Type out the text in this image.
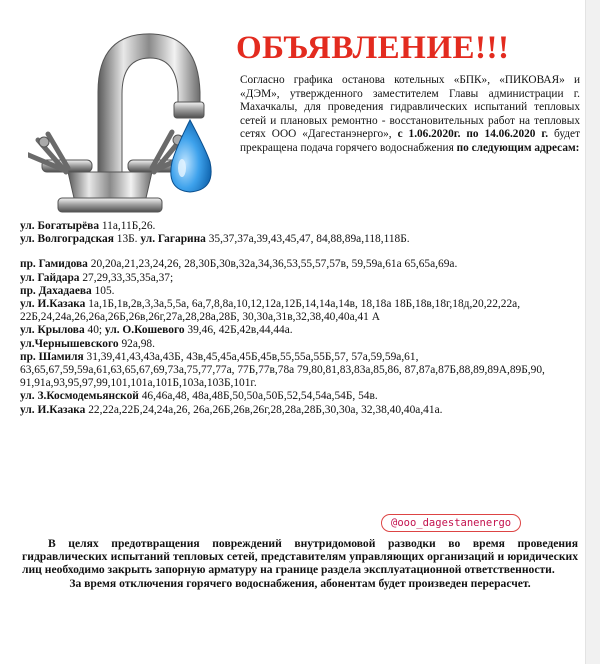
ОБЪЯВЛЕНИЕ!!!

Согласно графика останова котельных «БПК», «ПИКОВАЯ» и «ДЭМ», утвержденного заместителем Главы администрации г. Махачкалы, для проведения гидравлических испытаний тепловых сетей и плановых ремонтно - восстановительных работ на тепловых сетях ООО «Дагестанэнерго», с 1.06.2020г. по 14.06.2020 г. будет прекращена подача горячего водоснабжения по следующим адресам:

ул. Богатырёва 11а,11Б,26.

ул. Волгоградская 13Б. ул. Гагарина 35,37,37а,39,43,45,47, 84,88,89а,118,118Б.

пр. Гамидова 20,20а,21,23,24,26, 28,30Б,30в,32а,34,36,53,55,57,57в, 59,59а,61а 65,65а,69а.

ул. Гайдара 27,29,33,35,35а,37;

пр. Дахадаева 105.

ул. И.Казака 1а,1Б,1в,2в,3,3а,5,5а, 6а,7,8,8а,10,12,12а,12Б,14,14а,14в, 18,18а 18Б,18в,18г,18д,20,22,22а, 22Б,24,24а,26,26а,26Б,26в,26г,27а,28,28а,28Б, 30,30а,31в,32,38,40,40а,41 А

ул. Крылова 40; ул. О.Кошевого 39,46, 42Б,42в,44,44а.

ул.Чернышевского 92а,98.

пр. Шамиля 31,39,41,43,43а,43Б, 43в,45,45а,45Б,45в,55,55а,55Б,57, 57а,59,59а,61, 63,65,67,59,59а,61,63,65,67,69,73а,75,77,77а, 77Б,77в,78а 79,80,81,83,83а,85,86, 87,87а,87Б,88,89,89А,89Б,90, 91,91а,93,95,97,99,101,101а,101Б,103а,103Б,101г.

ул. З.Космодемьянской 46,46а,48, 48а,48Б,50,50а,50Б,52,54,54а,54Б, 54в.

ул. И.Казака 22,22а,22Б,24,24а,26, 26а,26Б,26в,26г,28,28а,28Б,30,30а, 32,38,40,40а,41а.

@ooo_dagestanenergo

В целях предотвращения повреждений внутридомовой разводки во время проведения гидравлических испытаний тепловых сетей, представителям управляющих организаций и юридических лиц необходимо закрыть запорную арматуру на границе раздела эксплуатационной ответственности.

За время отключения горячего водоснабжения, абонентам будет произведен перерасчет.
